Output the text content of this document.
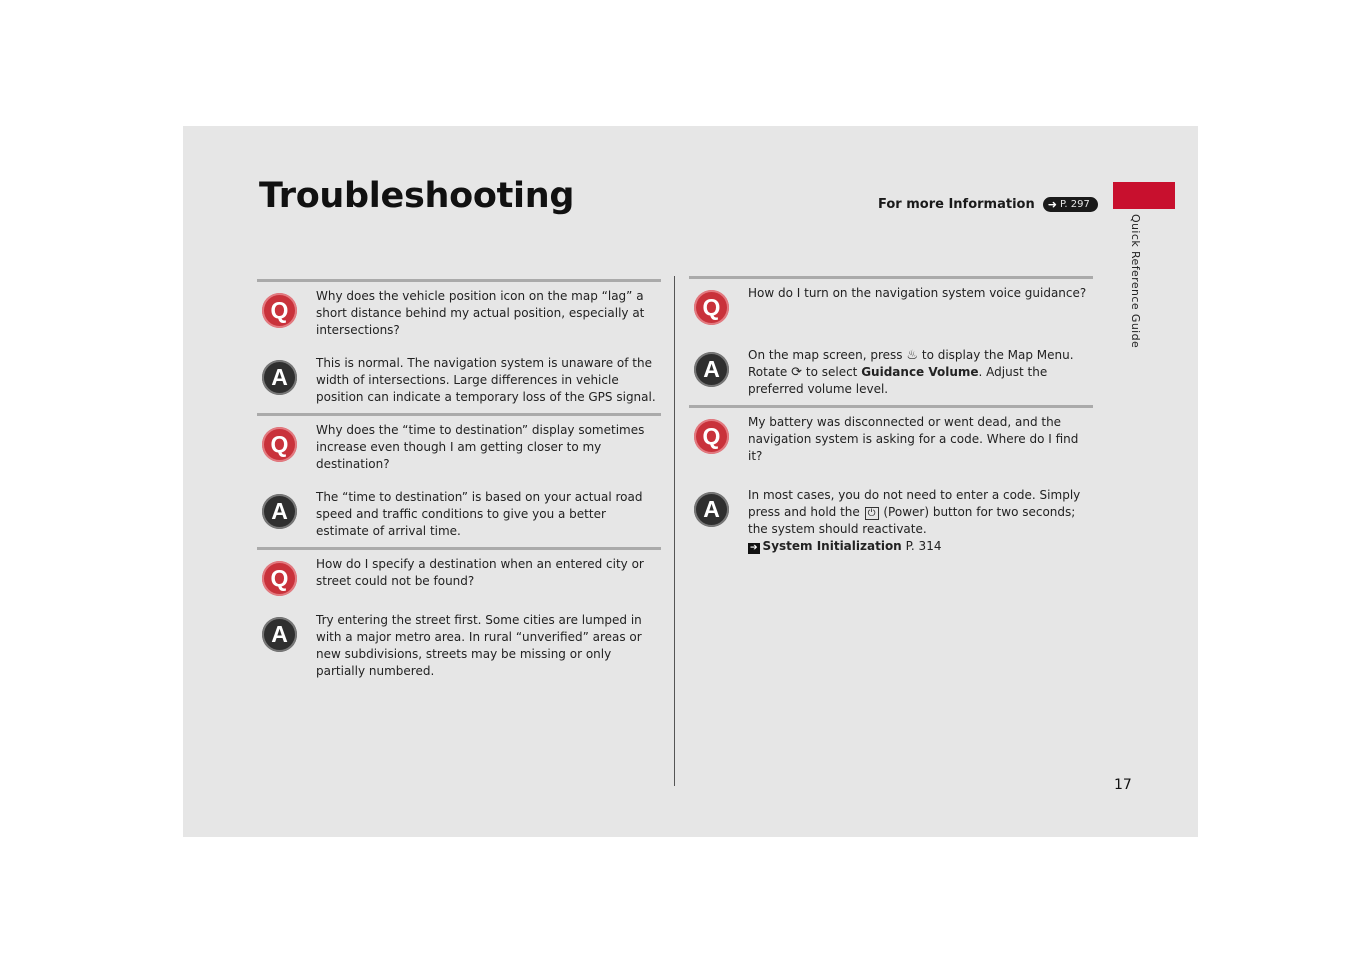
Troubleshooting	For more Information ➜ P. 297
Quick Reference Guide
Q

Why does the vehicle position icon on the map “lag” a short distance behind my actual position, especially at intersections?

A

This is normal. The navigation system is unaware of the width of intersections. Large differences in vehicle position can indicate a temporary loss of the GPS signal.

Q

Why does the “time to destination” display sometimes increase even though I am getting closer to my destination?

A

The “time to destination” is based on your actual road speed and traffic conditions to give you a better estimate of arrival time.

Q

How do I specify a destination when an entered city or street could not be found?

A

Try entering the street first. Some cities are lumped in with a major metro area. In rural “unverified” areas or new subdivisions, streets may be missing or only partially numbered.

Q

How do I turn on the navigation system voice guidance?

A

On the map screen, press ♨ to display the Map Menu. Rotate ⟳ to select Guidance Volume. Adjust the preferred volume level.

Q

My battery was disconnected or went dead, and the navigation system is asking for a code. Where do I find it?

A

In most cases, you do not need to enter a code. Simply press and hold the ⏻ (Power) button for two seconds; the system should reactivate.
➔ System Initialization P. 314

17
